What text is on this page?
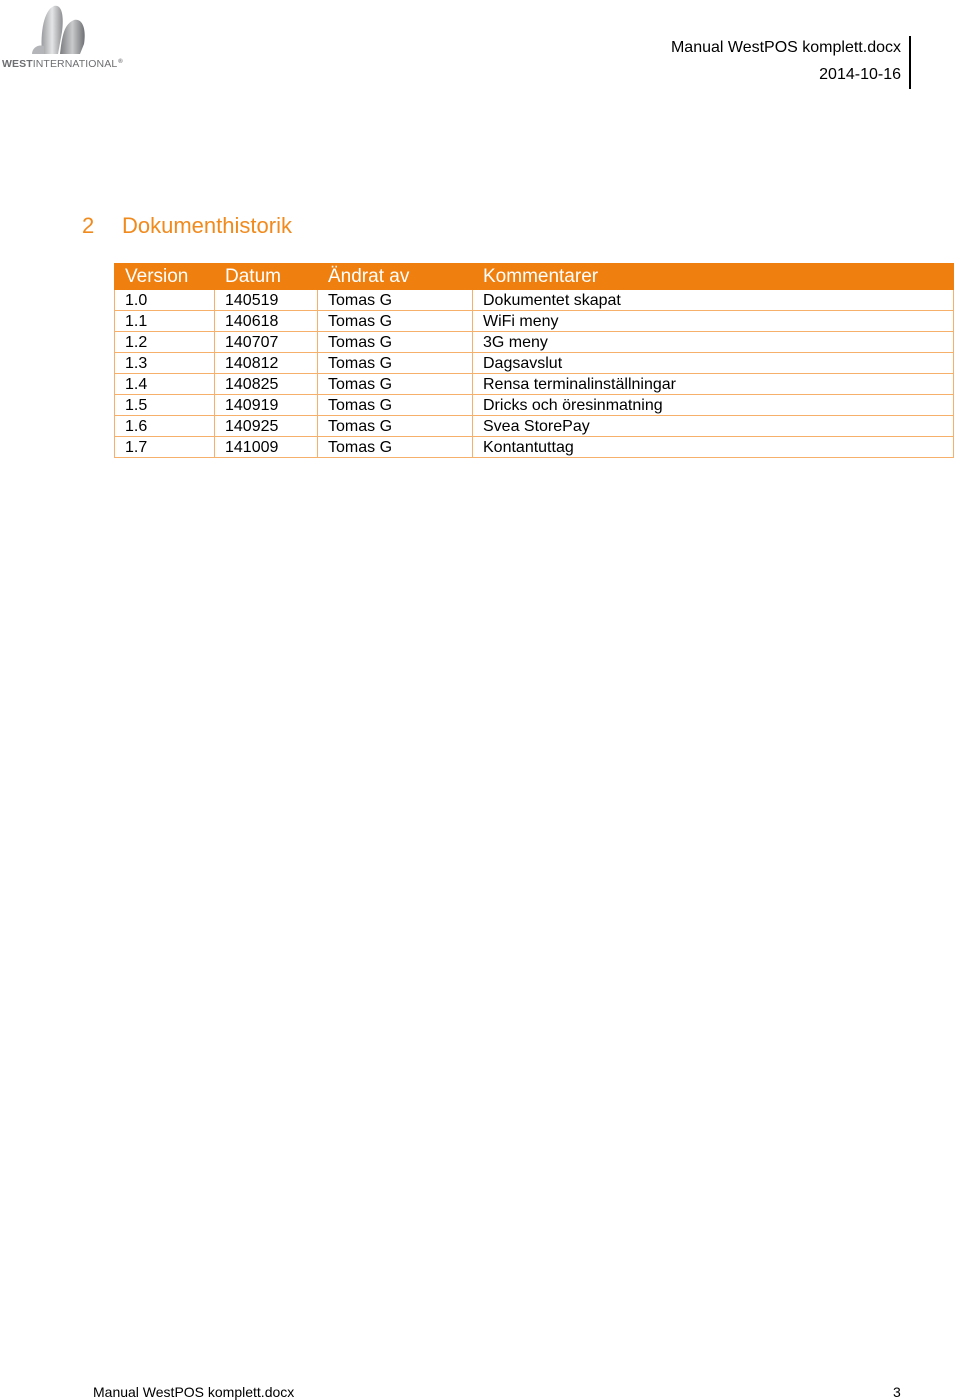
WESTINTERNATIONAL®
Manual WestPOS komplett.docx
2014-10-16
2 Dokumenthistorik
Version	Datum	Ändrat av	Kommentarer
1.0	140519	Tomas G	Dokumentet skapat
1.1	140618	Tomas G	WiFi meny
1.2	140707	Tomas G	3G meny
1.3	140812	Tomas G	Dagsavslut
1.4	140825	Tomas G	Rensa terminalinställningar
1.5	140919	Tomas G	Dricks och öresinmatning
1.6	140925	Tomas G	Svea StorePay
1.7	141009	Tomas G	Kontantuttag
Manual WestPOS komplett.docx	3
